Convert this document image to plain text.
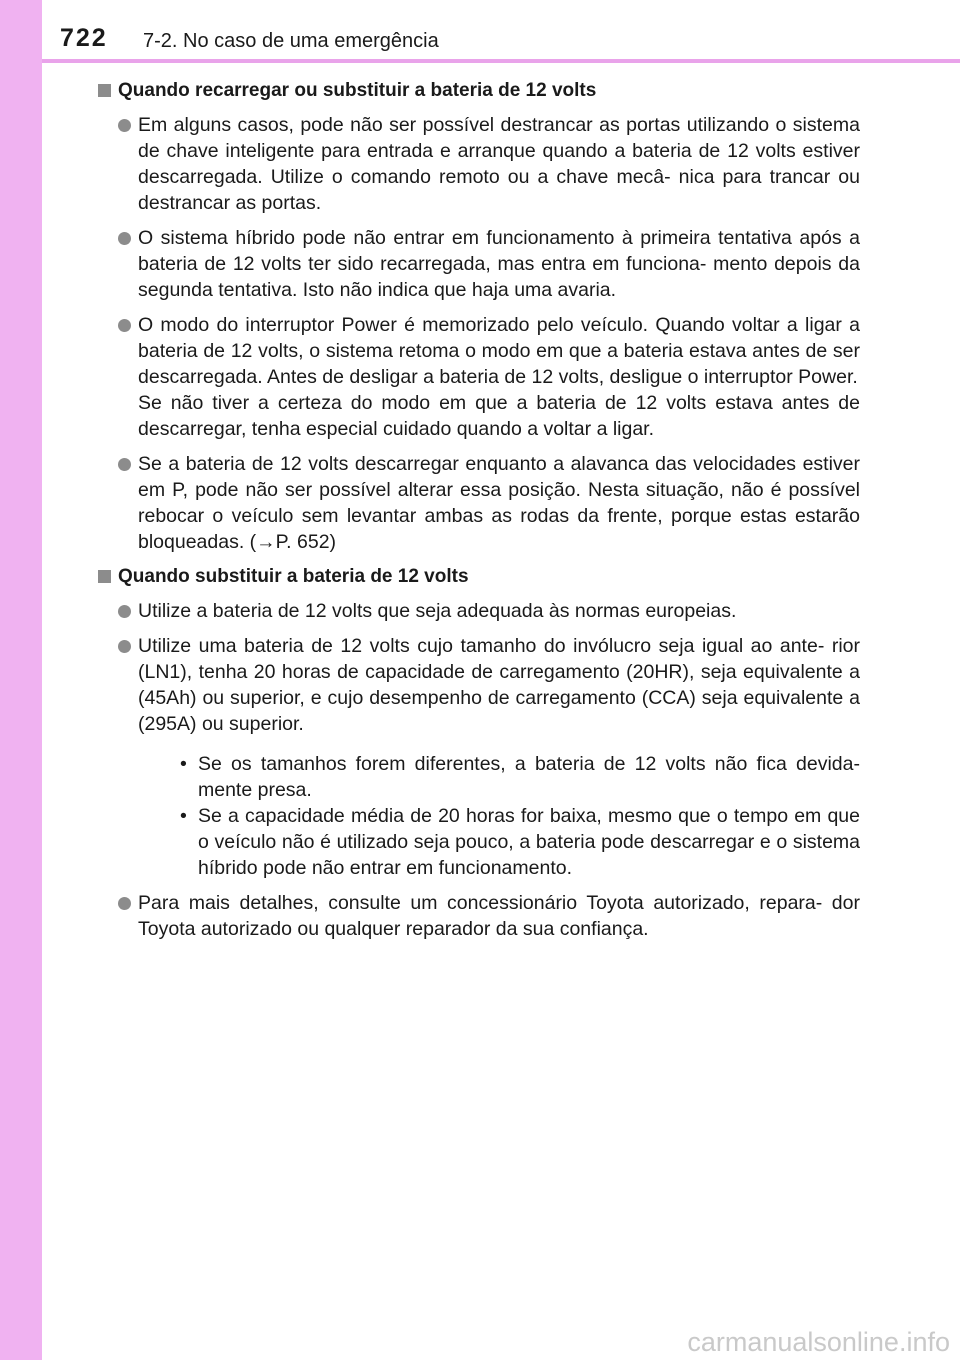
722 7-2. No caso de uma emergência
Quando recarregar ou substituir a bateria de 12 volts

Em alguns casos, pode não ser possível destrancar as portas utilizando o sistema de chave inteligente para entrada e arranque quando a bateria de 12 volts estiver descarregada. Utilize o comando remoto ou a chave mecâ- nica para trancar ou destrancar as portas.

O sistema híbrido pode não entrar em funcionamento à primeira tentativa após a bateria de 12 volts ter sido recarregada, mas entra em funciona- mento depois da segunda tentativa. Isto não indica que haja uma avaria.

O modo do interruptor Power é memorizado pelo veículo. Quando voltar a ligar a bateria de 12 volts, o sistema retoma o modo em que a bateria estava antes de ser descarregada. Antes de desligar a bateria de 12 volts, desligue o interruptor Power.

Se não tiver a certeza do modo em que a bateria de 12 volts estava antes de descarregar, tenha especial cuidado quando a voltar a ligar.

Se a bateria de 12 volts descarregar enquanto a alavanca das velocidades estiver em P, pode não ser possível alterar essa posição. Nesta situação, não é possível rebocar o veículo sem levantar ambas as rodas da frente, porque estas estarão bloqueadas. (→P. 652)

Quando substituir a bateria de 12 volts

Utilize a bateria de 12 volts que seja adequada às normas europeias.

Utilize uma bateria de 12 volts cujo tamanho do invólucro seja igual ao ante- rior (LN1), tenha 20 horas de capacidade de carregamento (20HR), seja equivalente a (45Ah) ou superior, e cujo desempenho de carregamento (CCA) seja equivalente a (295A) ou superior.

• Se os tamanhos forem diferentes, a bateria de 12 volts não fica devida- mente presa.

• Se a capacidade média de 20 horas for baixa, mesmo que o tempo em que o veículo não é utilizado seja pouco, a bateria pode descarregar e o sistema híbrido pode não entrar em funcionamento.

Para mais detalhes, consulte um concessionário Toyota autorizado, repara- dor Toyota autorizado ou qualquer reparador da sua confiança.

carmanualsonline.info
